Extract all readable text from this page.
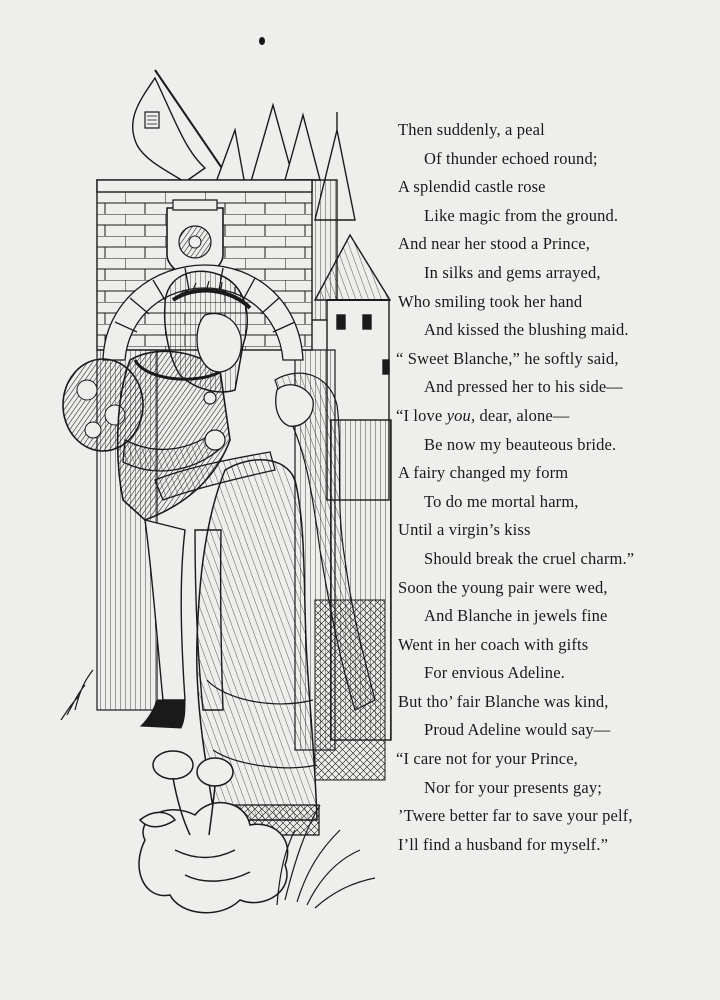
Then suddenly, a peal
Of thunder echoed round;
A splendid castle rose
Like magic from the ground.
And near her stood a Prince,
In silks and gems arrayed,
Who smiling took her hand
And kissed the blushing maid.
“ Sweet Blanche,” he softly said,
And pressed her to his side—
“I love you, dear, alone—
Be now my beauteous bride.
A fairy changed my form
To do me mortal harm,
Until a virgin’s kiss
Should break the cruel charm.”
Soon the young pair were wed,
And Blanche in jewels fine
Went in her coach with gifts
For envious Adeline.
But tho’ fair Blanche was kind,
Proud Adeline would say—
“I care not for your Prince,
Nor for your presents gay;
’Twere better far to save your pelf,
I’ll find a husband for myself.”
